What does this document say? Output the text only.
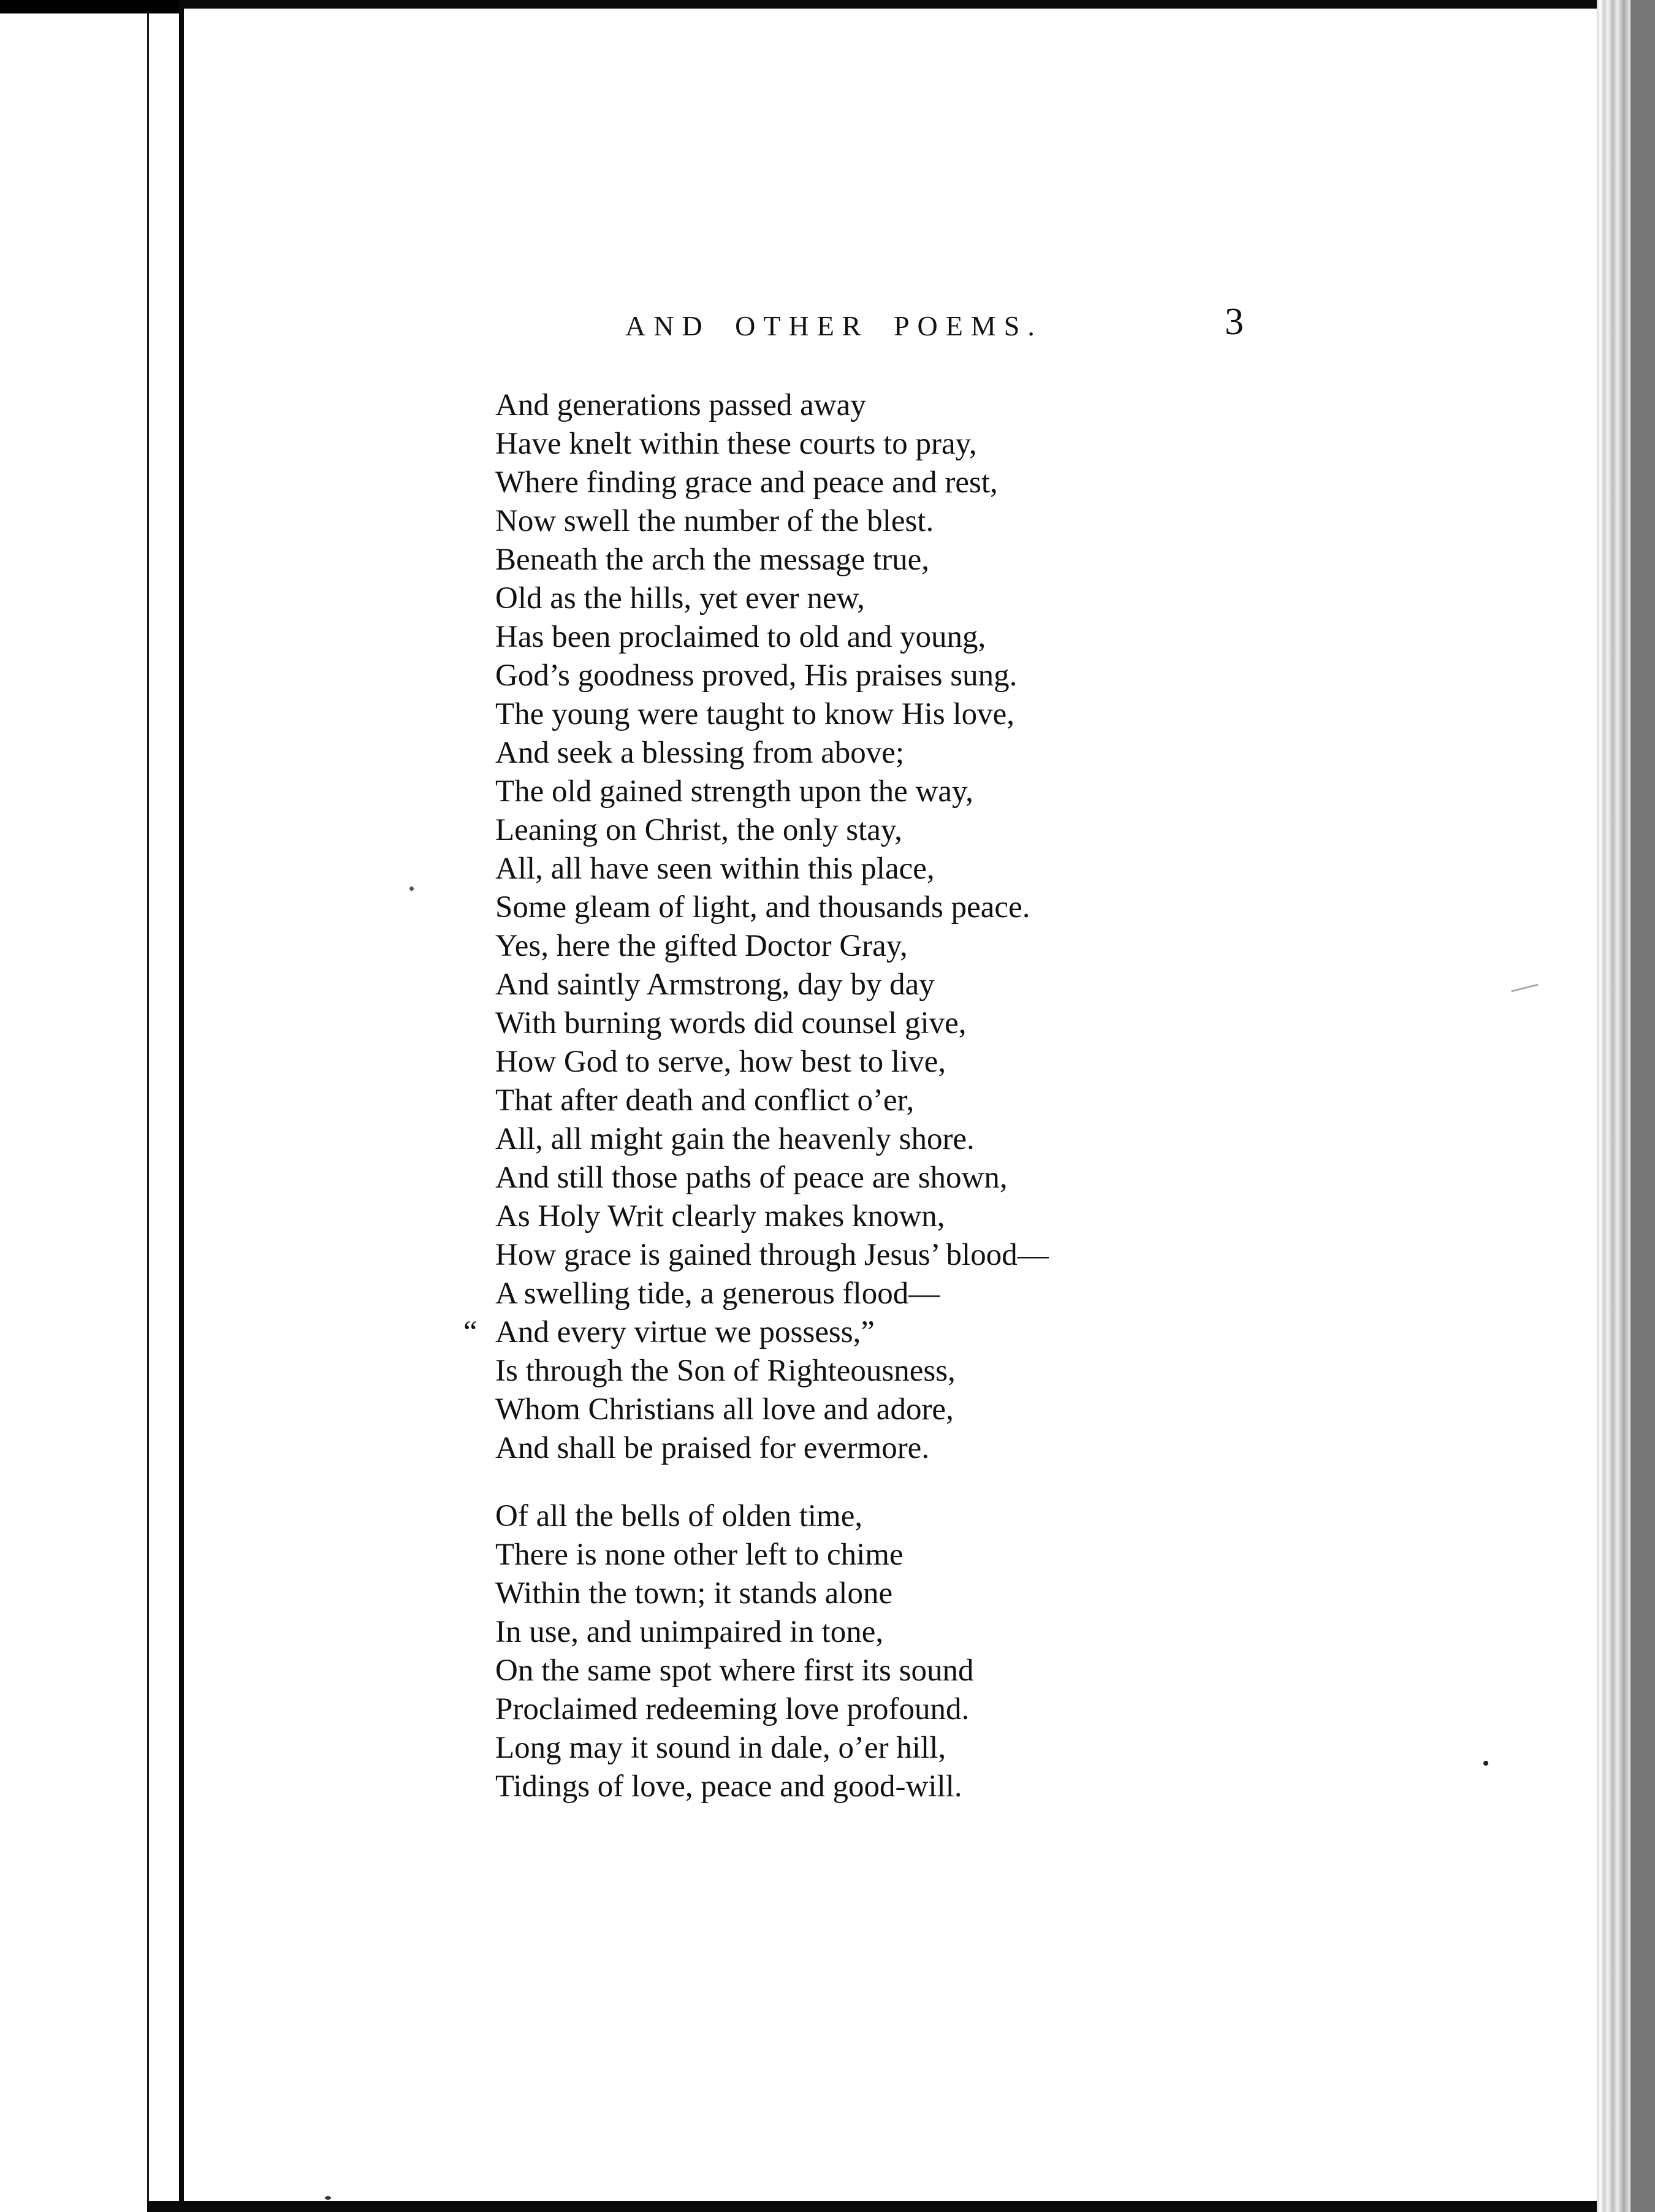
AND OTHER POEMS.	3
And generations passed away
Have knelt within these courts to pray,
Where finding grace and peace and rest,
Now swell the number of the blest.
Beneath the arch the message true,
Old as the hills, yet ever new,
Has been proclaimed to old and young,
God’s goodness proved, His praises sung.
The young were taught to know His love,
And seek a blessing from above;
The old gained strength upon the way,
Leaning on Christ, the only stay,
All, all have seen within this place,
Some gleam of light, and thousands peace.
Yes, here the gifted Doctor Gray,
And saintly Armstrong, day by day
With burning words did counsel give,
How God to serve, how best to live,
That after death and conflict o’er,
All, all might gain the heavenly shore.
And still those paths of peace are shown,
As Holy Writ clearly makes known,
How grace is gained through Jesus’ blood—
A swelling tide, a generous flood—
“ And every virtue we possess,”
Is through the Son of Righteousness,
Whom Christians all love and adore,
And shall be praised for evermore.
Of all the bells of olden time,
There is none other left to chime
Within the town; it stands alone
In use, and unimpaired in tone,
On the same spot where first its sound
Proclaimed redeeming love profound.
Long may it sound in dale, o’er hill,
Tidings of love, peace and good-will.
